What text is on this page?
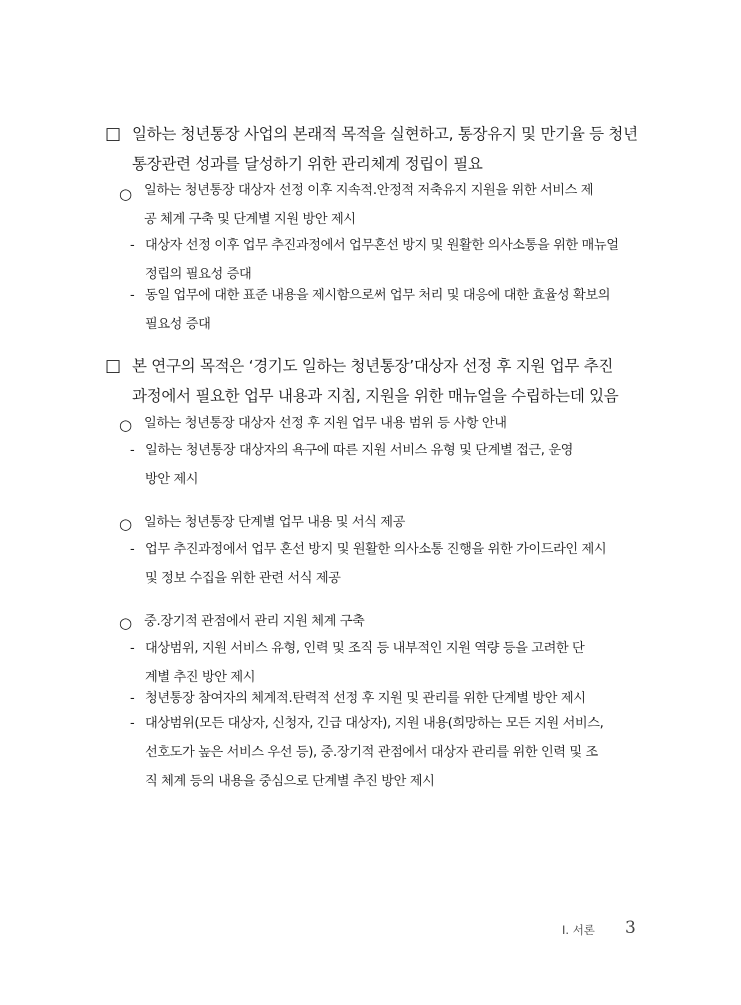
□ 일하는 청년통장 사업의 본래적 목적을 실현하고, 통장유지 및 만기율 등 청년
통장관련 성과를 달성하기 위한 관리체계 정립이 필요
○ 일하는 청년통장 대상자 선정 이후 지속적․안정적 저축유지 지원을 위한 서비스 제
공 체계 구축 및 단계별 지원 방안 제시
- 대상자 선정 이후 업무 추진과정에서 업무혼선 방지 및 원활한 의사소통을 위한 매뉴얼
정립의 필요성 증대
- 동일 업무에 대한 표준 내용을 제시함으로써 업무 처리 및 대응에 대한 효율성 확보의
필요성 증대
□ 본 연구의 목적은 ‘경기도 일하는 청년통장’대상자 선정 후 지원 업무 추진
과정에서 필요한 업무 내용과 지침, 지원을 위한 매뉴얼을 수립하는데 있음
○ 일하는 청년통장 대상자 선정 후 지원 업무 내용 범위 등 사항 안내
- 일하는 청년통장 대상자의 욕구에 따른 지원 서비스 유형 및 단계별 접근, 운영
방안 제시
○ 일하는 청년통장 단계별 업무 내용 및 서식 제공
- 업무 추진과정에서 업무 혼선 방지 및 원활한 의사소통 진행을 위한 가이드라인 제시
및 정보 수집을 위한 관련 서식 제공
○ 중․장기적 관점에서 관리 지원 체계 구축
- 대상범위, 지원 서비스 유형, 인력 및 조직 등 내부적인 지원 역량 등을 고려한 단
계별 추진 방안 제시
- 청년통장 참여자의 체계적․탄력적 선정 후 지원 및 관리를 위한 단계별 방안 제시
- 대상범위(모든 대상자, 신청자, 긴급 대상자), 지원 내용(희망하는 모든 지원 서비스,
선호도가 높은 서비스 우선 등), 중․장기적 관점에서 대상자 관리를 위한 인력 및 조
직 체계 등의 내용을 중심으로 단계별 추진 방안 제시
Ⅰ. 서론 3
